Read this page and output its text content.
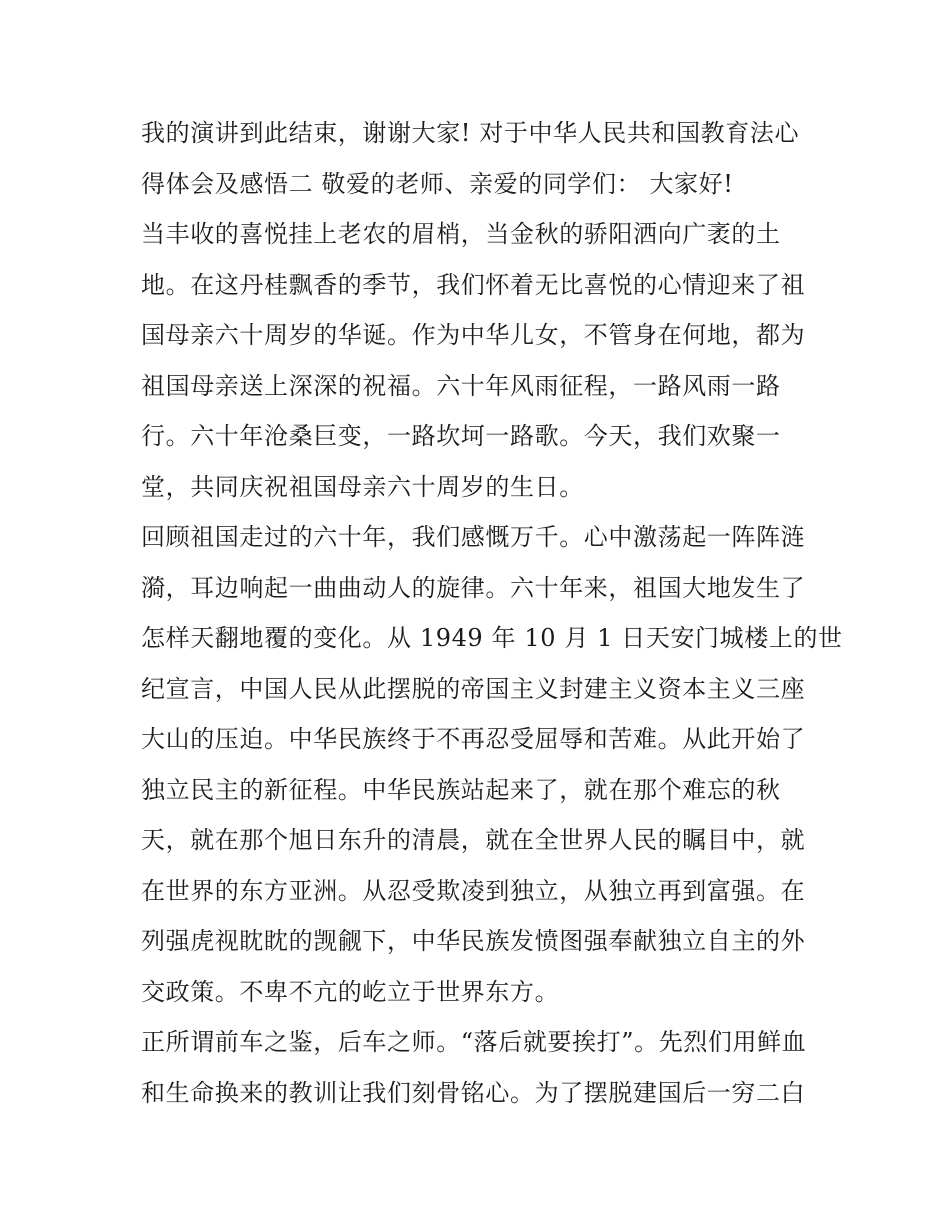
我的演讲到此结束，谢谢大家! 对于中华人民共和国教育法心
得体会及感悟二 敬爱的老师、亲爱的同学们： 大家好!
当丰收的喜悦挂上老农的眉梢，当金秋的骄阳洒向广袤的土
地。在这丹桂飘香的季节，我们怀着无比喜悦的心情迎来了祖
国母亲六十周岁的华诞。作为中华儿女，不管身在何地，都为
祖国母亲送上深深的祝福。六十年风雨征程，一路风雨一路
行。六十年沧桑巨变，一路坎坷一路歌。今天，我们欢聚一
堂，共同庆祝祖国母亲六十周岁的生日。
回顾祖国走过的六十年，我们感慨万千。心中激荡起一阵阵涟
漪，耳边响起一曲曲动人的旋律。六十年来，祖国大地发生了
怎样天翻地覆的变化。从 1949 年 10 月 1 日天安门城楼上的世
纪宣言，中国人民从此摆脱的帝国主义封建主义资本主义三座
大山的压迫。中华民族终于不再忍受屈辱和苦难。从此开始了
独立民主的新征程。中华民族站起来了，就在那个难忘的秋
天，就在那个旭日东升的清晨，就在全世界人民的瞩目中，就
在世界的东方亚洲。从忍受欺凌到独立，从独立再到富强。在
列强虎视眈眈的觊觎下，中华民族发愤图强奉献独立自主的外
交政策。不卑不亢的屹立于世界东方。
正所谓前车之鉴，后车之师。“落后就要挨打”。先烈们用鲜血
和生命换来的教训让我们刻骨铭心。为了摆脱建国后一穷二白
